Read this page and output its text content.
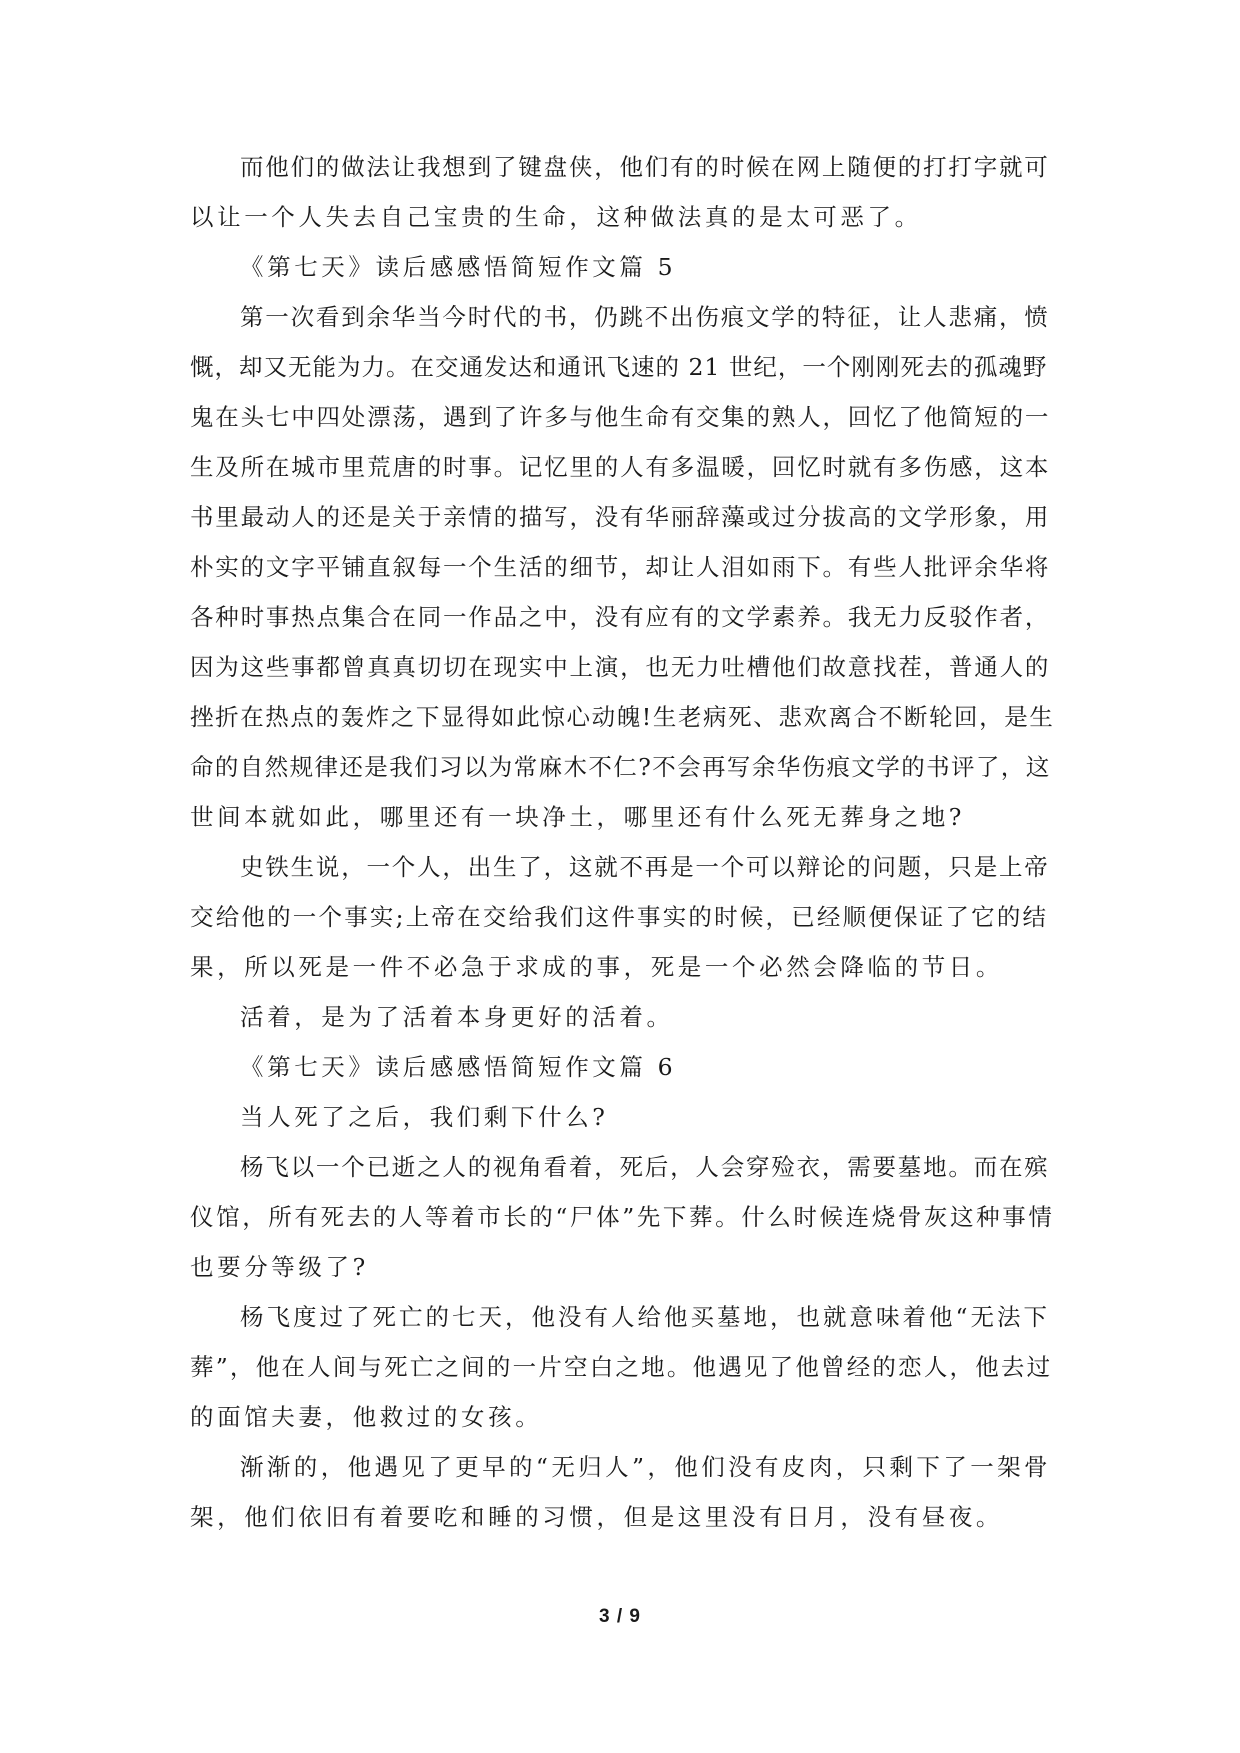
而他们的做法让我想到了键盘侠，他们有的时候在网上随便的打打字就可
以让一个人失去自己宝贵的生命，这种做法真的是太可恶了。
《第七天》读后感感悟简短作文篇 5
第一次看到余华当今时代的书，仍跳不出伤痕文学的特征，让人悲痛，愤
慨，却又无能为力。在交通发达和通讯飞速的 21 世纪，一个刚刚死去的孤魂野
鬼在头七中四处漂荡，遇到了许多与他生命有交集的熟人，回忆了他简短的一
生及所在城市里荒唐的时事。记忆里的人有多温暖，回忆时就有多伤感，这本
书里最动人的还是关于亲情的描写，没有华丽辞藻或过分拔高的文学形象，用
朴实的文字平铺直叙每一个生活的细节，却让人泪如雨下。有些人批评余华将
各种时事热点集合在同一作品之中，没有应有的文学素养。我无力反驳作者，
因为这些事都曾真真切切在现实中上演，也无力吐槽他们故意找茬，普通人的
挫折在热点的轰炸之下显得如此惊心动魄!生老病死、悲欢离合不断轮回，是生
命的自然规律还是我们习以为常麻木不仁?不会再写余华伤痕文学的书评了，这
世间本就如此，哪里还有一块净土，哪里还有什么死无葬身之地?
史铁生说，一个人，出生了，这就不再是一个可以辩论的问题，只是上帝
交给他的一个事实;上帝在交给我们这件事实的时候，已经顺便保证了它的结
果，所以死是一件不必急于求成的事，死是一个必然会降临的节日。
活着，是为了活着本身更好的活着。
《第七天》读后感感悟简短作文篇 6
当人死了之后，我们剩下什么?
杨飞以一个已逝之人的视角看着，死后，人会穿殓衣，需要墓地。而在殡
仪馆，所有死去的人等着市长的“尸体”先下葬。什么时候连烧骨灰这种事情
也要分等级了?
杨飞度过了死亡的七天，他没有人给他买墓地，也就意味着他“无法下
葬”，他在人间与死亡之间的一片空白之地。他遇见了他曾经的恋人，他去过
的面馆夫妻，他救过的女孩。
渐渐的，他遇见了更早的“无归人”，他们没有皮肉，只剩下了一架骨
架，他们依旧有着要吃和睡的习惯，但是这里没有日月，没有昼夜。
3 / 9
